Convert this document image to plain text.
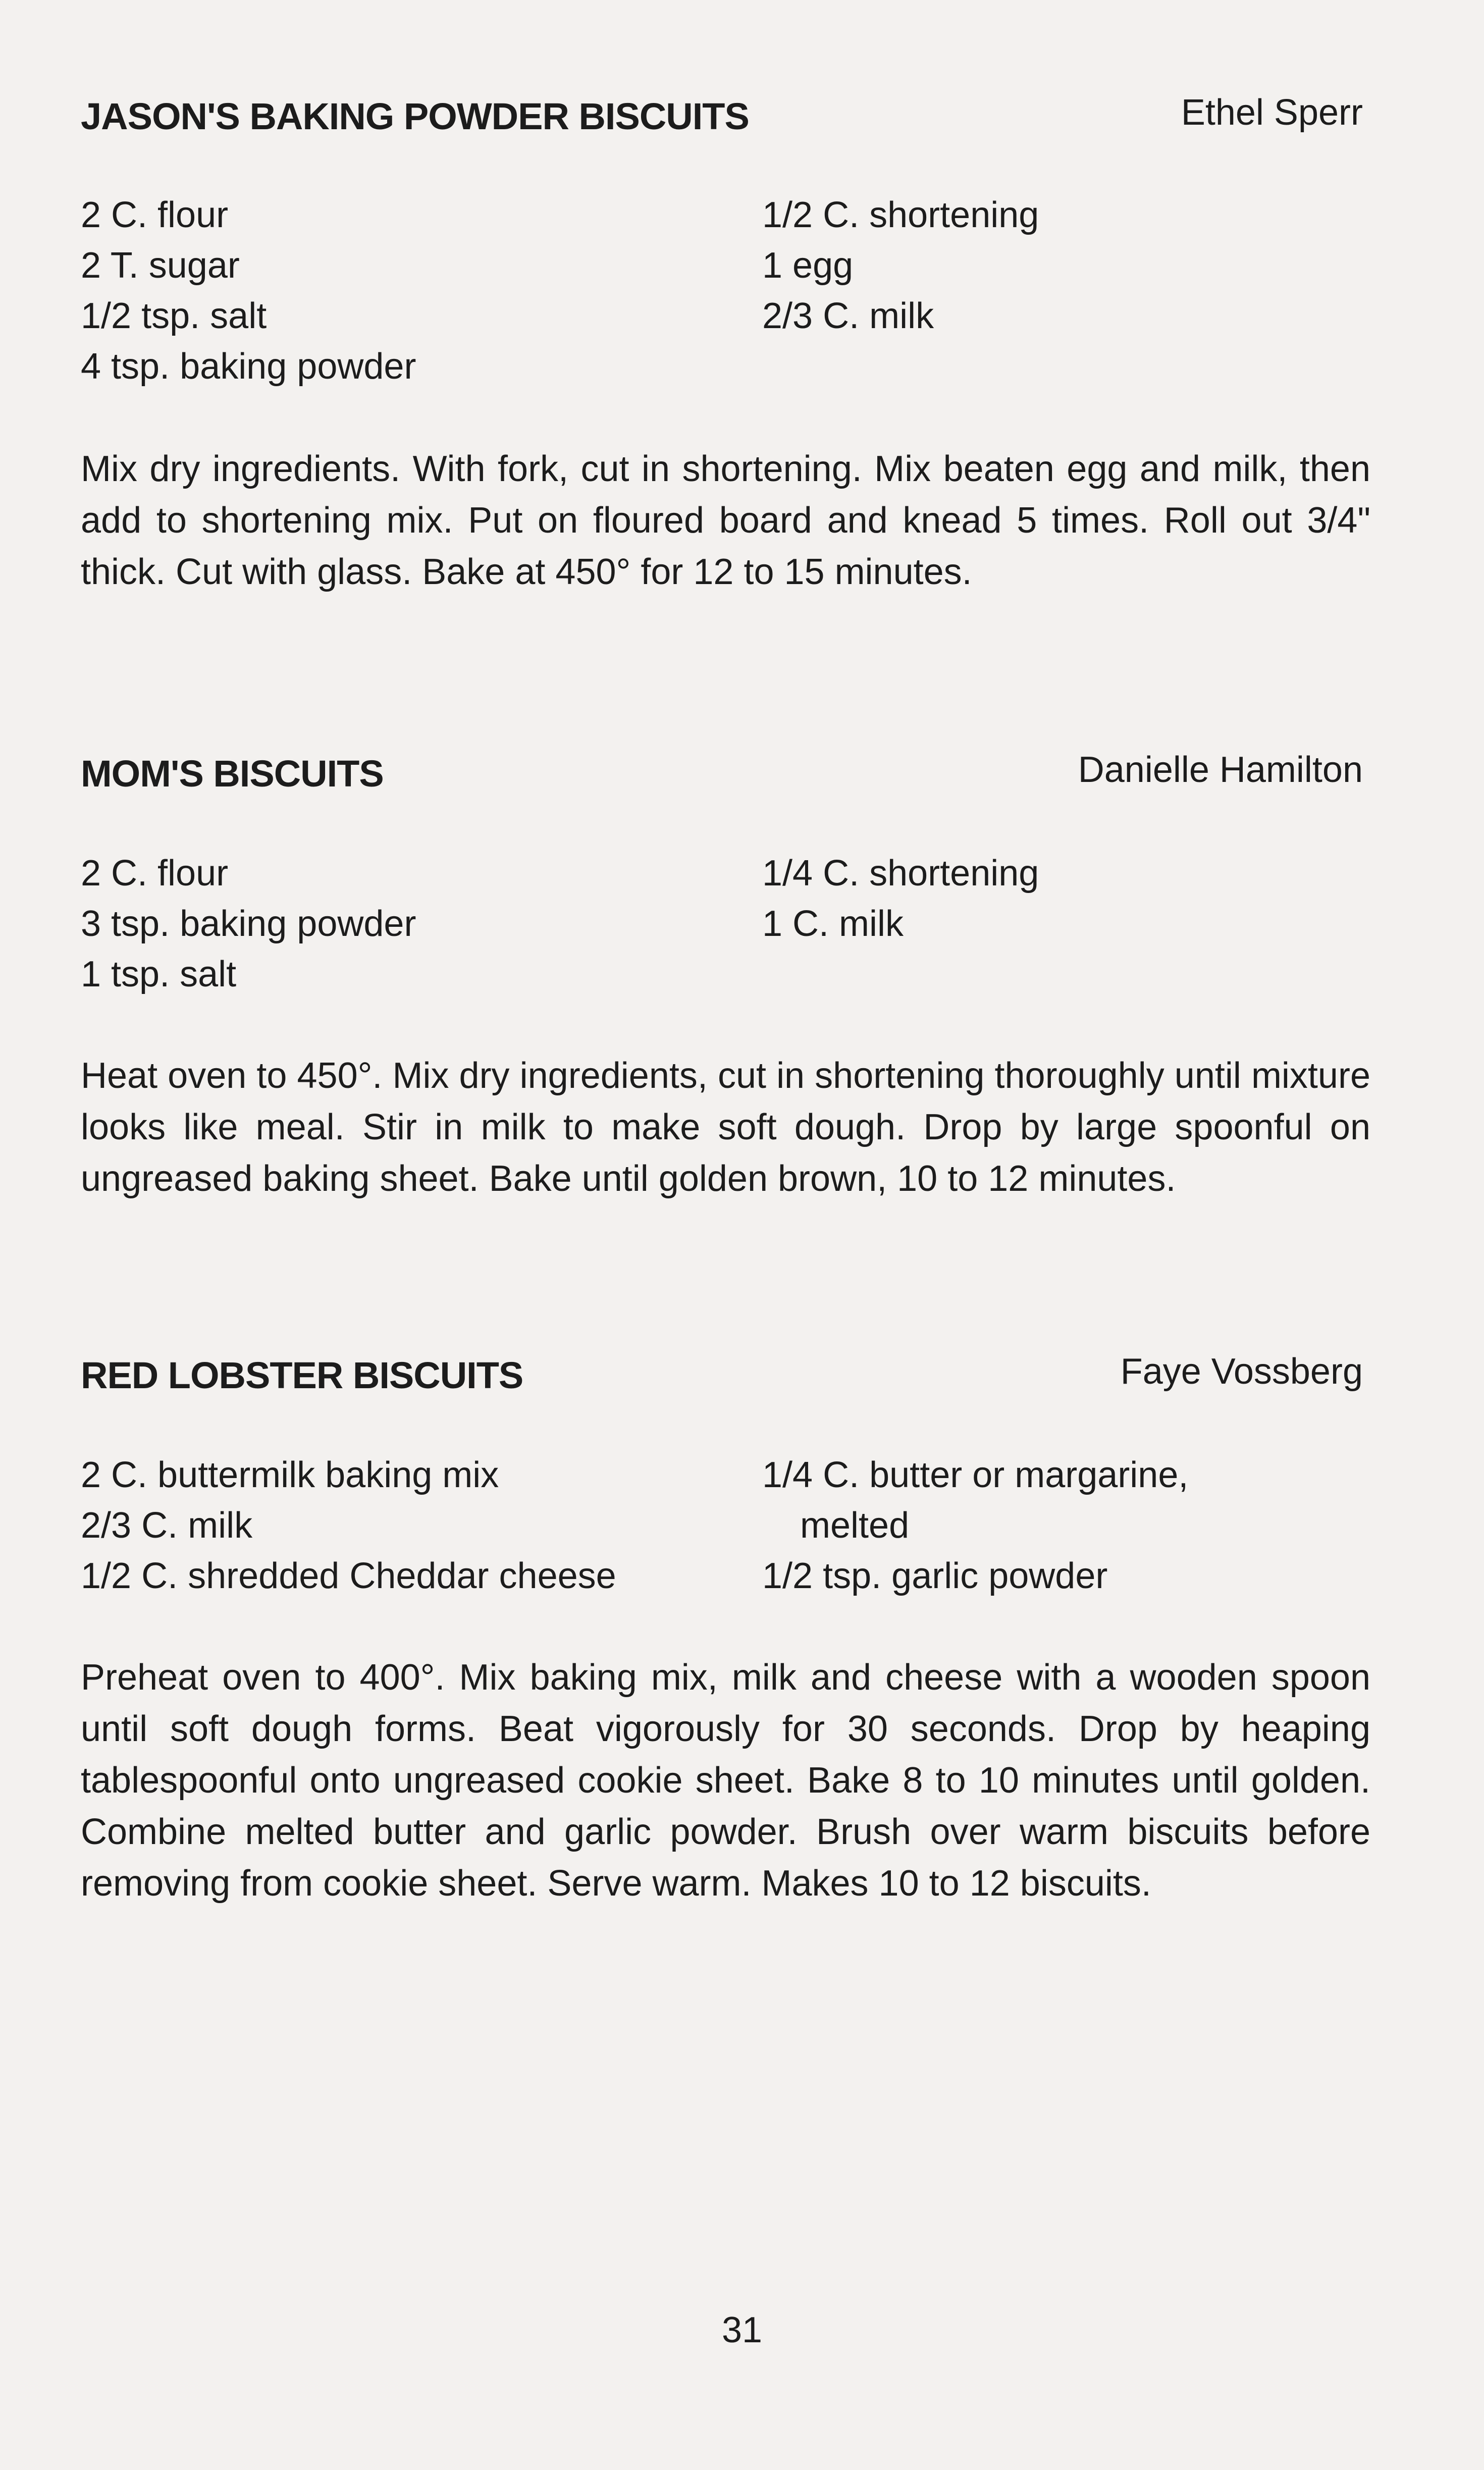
JASON'S BAKING POWDER BISCUITS	Ethel Sperr
2 C. flour
2 T. sugar
1/2 tsp. salt
4 tsp. baking powder
1/2 C. shortening
1 egg
2/3 C. milk
Mix dry ingredients. With fork, cut in shortening. Mix beaten egg and milk, then add to shortening mix. Put on floured board and knead 5 times. Roll out 3/4" thick. Cut with glass. Bake at 450° for 12 to 15 minutes.
MOM'S BISCUITS	Danielle Hamilton
2 C. flour
3 tsp. baking powder
1 tsp. salt
1/4 C. shortening
1 C. milk
Heat oven to 450°. Mix dry ingredients, cut in shortening thoroughly until mixture looks like meal. Stir in milk to make soft dough. Drop by large spoonful on ungreased baking sheet. Bake until golden brown, 10 to 12 minutes.
RED LOBSTER BISCUITS	Faye Vossberg
2 C. buttermilk baking mix
2/3 C. milk
1/2 C. shredded Cheddar cheese
1/4 C. butter or margarine,
melted
1/2 tsp. garlic powder
Preheat oven to 400°. Mix baking mix, milk and cheese with a wooden spoon until soft dough forms. Beat vigorously for 30 seconds. Drop by heaping tablespoonful onto ungreased cookie sheet. Bake 8 to 10 minutes until golden. Combine melted butter and garlic powder. Brush over warm biscuits before removing from cookie sheet. Serve warm. Makes 10 to 12 biscuits.
31
